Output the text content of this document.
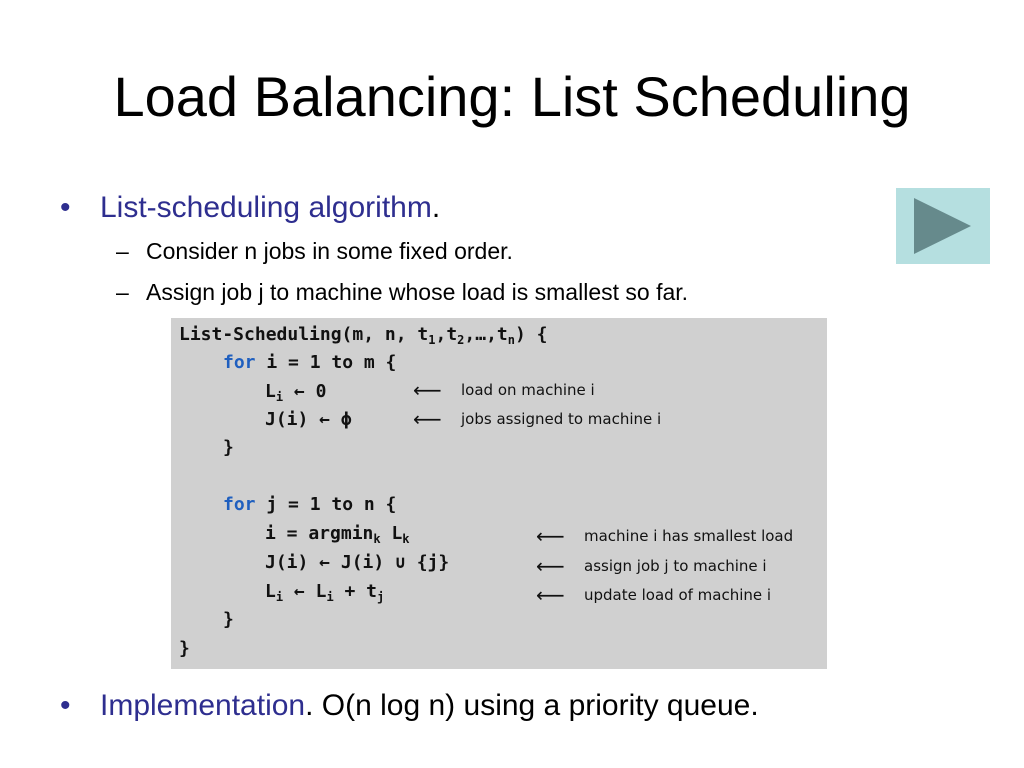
Load Balancing: List Scheduling
• List-scheduling algorithm.
– Consider n jobs in some fixed order.
– Assign job j to machine whose load is smallest so far.
List-Scheduling(m, n, $t_1,t_2,\dots,t_n$) {
for i = 1 to m {
$L_i$ ← 0	⟵ load on machine i
J(i) ← ϕ	⟵ jobs assigned to machine i
}
for j = 1 to n {
i = argmin$_k$ $L_k$	⟵ machine i has smallest load
J(i) ← J(i) ∪ {j}	⟵ assign job j to machine i
$L_i$ ← $L_i + t_j$	⟵ update load of machine i
}
}
• Implementation. O(n log n) using a priority queue.
